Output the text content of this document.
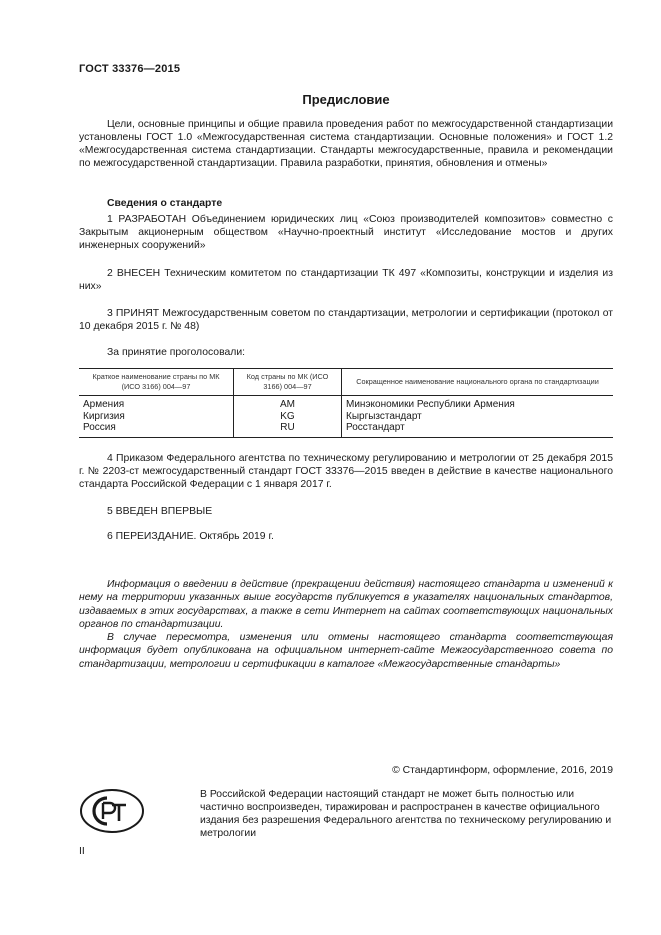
ГОСТ 33376—2015
Предисловие
Цели, основные принципы и общие правила проведения работ по межгосударственной стандартизации установлены ГОСТ 1.0 «Межгосударственная система стандартизации. Основные положения» и ГОСТ 1.2 «Межгосударственная система стандартизации. Стандарты межгосударственные, правила и рекомендации по межгосударственной стандартизации. Правила разработки, принятия, обновления и отмены»
Сведения о стандарте
1 РАЗРАБОТАН Объединением юридических лиц «Союз производителей композитов» совместно с Закрытым акционерным обществом «Научно-проектный институт «Исследование мостов и других инженерных сооружений»
2 ВНЕСЕН Техническим комитетом по стандартизации ТК 497 «Композиты, конструкции и изделия из них»
3 ПРИНЯТ Межгосударственным советом по стандартизации, метрологии и сертификации (протокол от 10 декабря 2015 г. № 48)
За принятие проголосовали:
Краткое наименование страны по МК (ИСО 3166) 004—97	Код страны по МК (ИСО 3166) 004—97	Сокращенное наименование национального органа по стандартизации
Армения	AM	Минэкономики Республики Армения
Киргизия	KG	Кыргызстандарт
Россия	RU	Росстандарт
4 Приказом Федерального агентства по техническому регулированию и метрологии от 25 декабря 2015 г. № 2203-ст межгосударственный стандарт ГОСТ 33376—2015 введен в действие в качестве национального стандарта Российской Федерации с 1 января 2017 г.
5 ВВЕДЕН ВПЕРВЫЕ
6 ПЕРЕИЗДАНИЕ. Октябрь 2019 г.

Информация о введении в действие (прекращении действия) настоящего стандарта и изменений к нему на территории указанных выше государств публикуется в указателях национальных стандартов, издаваемых в этих государствах, а также в сети Интернет на сайтах соответствующих национальных органов по стандартизации.

В случае пересмотра, изменения или отмены настоящего стандарта соответствующая информация будет опубликована на официальном интернет-сайте Межгосударственного совета по стандартизации, метрологии и сертификации в каталоге «Межгосударственные стандарты»

© Стандартинформ, оформление, 2016, 2019

В Российской Федерации настоящий стандарт не может быть полностью или частично воспроизведен, тиражирован и распространен в качестве официального издания без разрешения Федерального агентства по техническому регулированию и метрологии

II
